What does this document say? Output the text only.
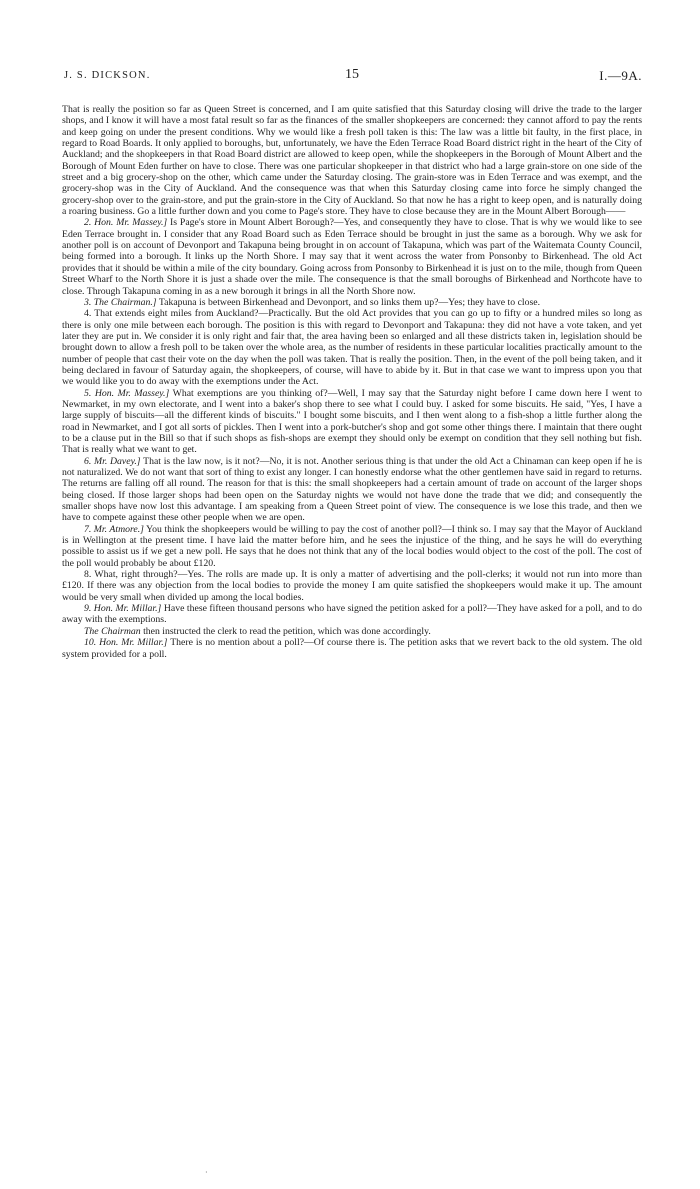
J. S. DICKSON.	15	I.—9A.

That is really the position so far as Queen Street is concerned, and I am quite satisfied that this Saturday closing will drive the trade to the larger shops, and I know it will have a most fatal result so far as the finances of the smaller shopkeepers are concerned: they cannot afford to pay the rents and keep going on under the present conditions. Why we would like a fresh poll taken is this: The law was a little bit faulty, in the first place, in regard to Road Boards. It only applied to boroughs, but, unfortunately, we have the Eden Terrace Road Board district right in the heart of the City of Auckland; and the shopkeepers in that Road Board district are allowed to keep open, while the shopkeepers in the Borough of Mount Albert and the Borough of Mount Eden further on have to close. There was one particular shopkeeper in that district who had a large grain-store on one side of the street and a big grocery-shop on the other, which came under the Saturday closing. The grain-store was in Eden Terrace and was exempt, and the grocery-shop was in the City of Auckland. And the consequence was that when this Saturday closing came into force he simply changed the grocery-shop over to the grain-store, and put the grain-store in the City of Auckland. So that now he has a right to keep open, and is naturally doing a roaring business. Go a little further down and you come to Page's store. They have to close because they are in the Mount Albert Borough——

2. Hon. Mr. Massey.] Is Page's store in Mount Albert Borough?—Yes, and consequently they have to close. That is why we would like to see Eden Terrace brought in. I consider that any Road Board such as Eden Terrace should be brought in just the same as a borough. Why we ask for another poll is on account of Devonport and Takapuna being brought in on account of Takapuna, which was part of the Waitemata County Council, being formed into a borough. It links up the North Shore. I may say that it went across the water from Ponsonby to Birkenhead. The old Act provides that it should be within a mile of the city boundary. Going across from Ponsonby to Birkenhead it is just on to the mile, though from Queen Street Wharf to the North Shore it is just a shade over the mile. The consequence is that the small boroughs of Birkenhead and Northcote have to close. Through Takapuna coming in as a new borough it brings in all the North Shore now.

3. The Chairman.] Takapuna is between Birkenhead and Devonport, and so links them up?—Yes; they have to close.

4. That extends eight miles from Auckland?—Practically. But the old Act provides that you can go up to fifty or a hundred miles so long as there is only one mile between each borough. The position is this with regard to Devonport and Takapuna: they did not have a vote taken, and yet later they are put in. We consider it is only right and fair that, the area having been so enlarged and all these districts taken in, legislation should be brought down to allow a fresh poll to be taken over the whole area, as the number of residents in these particular localities practically amount to the number of people that cast their vote on the day when the poll was taken. That is really the position. Then, in the event of the poll being taken, and it being declared in favour of Saturday again, the shopkeepers, of course, will have to abide by it. But in that case we want to impress upon you that we would like you to do away with the exemptions under the Act.

5. Hon. Mr. Massey.] What exemptions are you thinking of?—Well, I may say that the Saturday night before I came down here I went to Newmarket, in my own electorate, and I went into a baker's shop there to see what I could buy. I asked for some biscuits. He said, "Yes, I have a large supply of biscuits—all the different kinds of biscuits." I bought some biscuits, and I then went along to a fish-shop a little further along the road in Newmarket, and I got all sorts of pickles. Then I went into a pork-butcher's shop and got some other things there. I maintain that there ought to be a clause put in the Bill so that if such shops as fish-shops are exempt they should only be exempt on condition that they sell nothing but fish. That is really what we want to get.

6. Mr. Davey.] That is the law now, is it not?—No, it is not. Another serious thing is that under the old Act a Chinaman can keep open if he is not naturalized. We do not want that sort of thing to exist any longer. I can honestly endorse what the other gentlemen have said in regard to returns. The returns are falling off all round. The reason for that is this: the small shopkeepers had a certain amount of trade on account of the larger shops being closed. If those larger shops had been open on the Saturday nights we would not have done the trade that we did; and consequently the smaller shops have now lost this advantage. I am speaking from a Queen Street point of view. The consequence is we lose this trade, and then we have to compete against these other people when we are open.

7. Mr. Atmore.] You think the shopkeepers would be willing to pay the cost of another poll?—I think so. I may say that the Mayor of Auckland is in Wellington at the present time. I have laid the matter before him, and he sees the injustice of the thing, and he says he will do everything possible to assist us if we get a new poll. He says that he does not think that any of the local bodies would object to the cost of the poll. The cost of the poll would probably be about £120.

8. What, right through?—Yes. The rolls are made up. It is only a matter of advertising and the poll-clerks; it would not run into more than £120. If there was any objection from the local bodies to provide the money I am quite satisfied the shopkeepers would make it up. The amount would be very small when divided up among the local bodies.

9. Hon. Mr. Millar.] Have these fifteen thousand persons who have signed the petition asked for a poll?—They have asked for a poll, and to do away with the exemptions.

The Chairman then instructed the clerk to read the petition, which was done accordingly.

10. Hon. Mr. Millar.] There is no mention about a poll?—Of course there is. The petition asks that we revert back to the old system. The old system provided for a poll.

·
